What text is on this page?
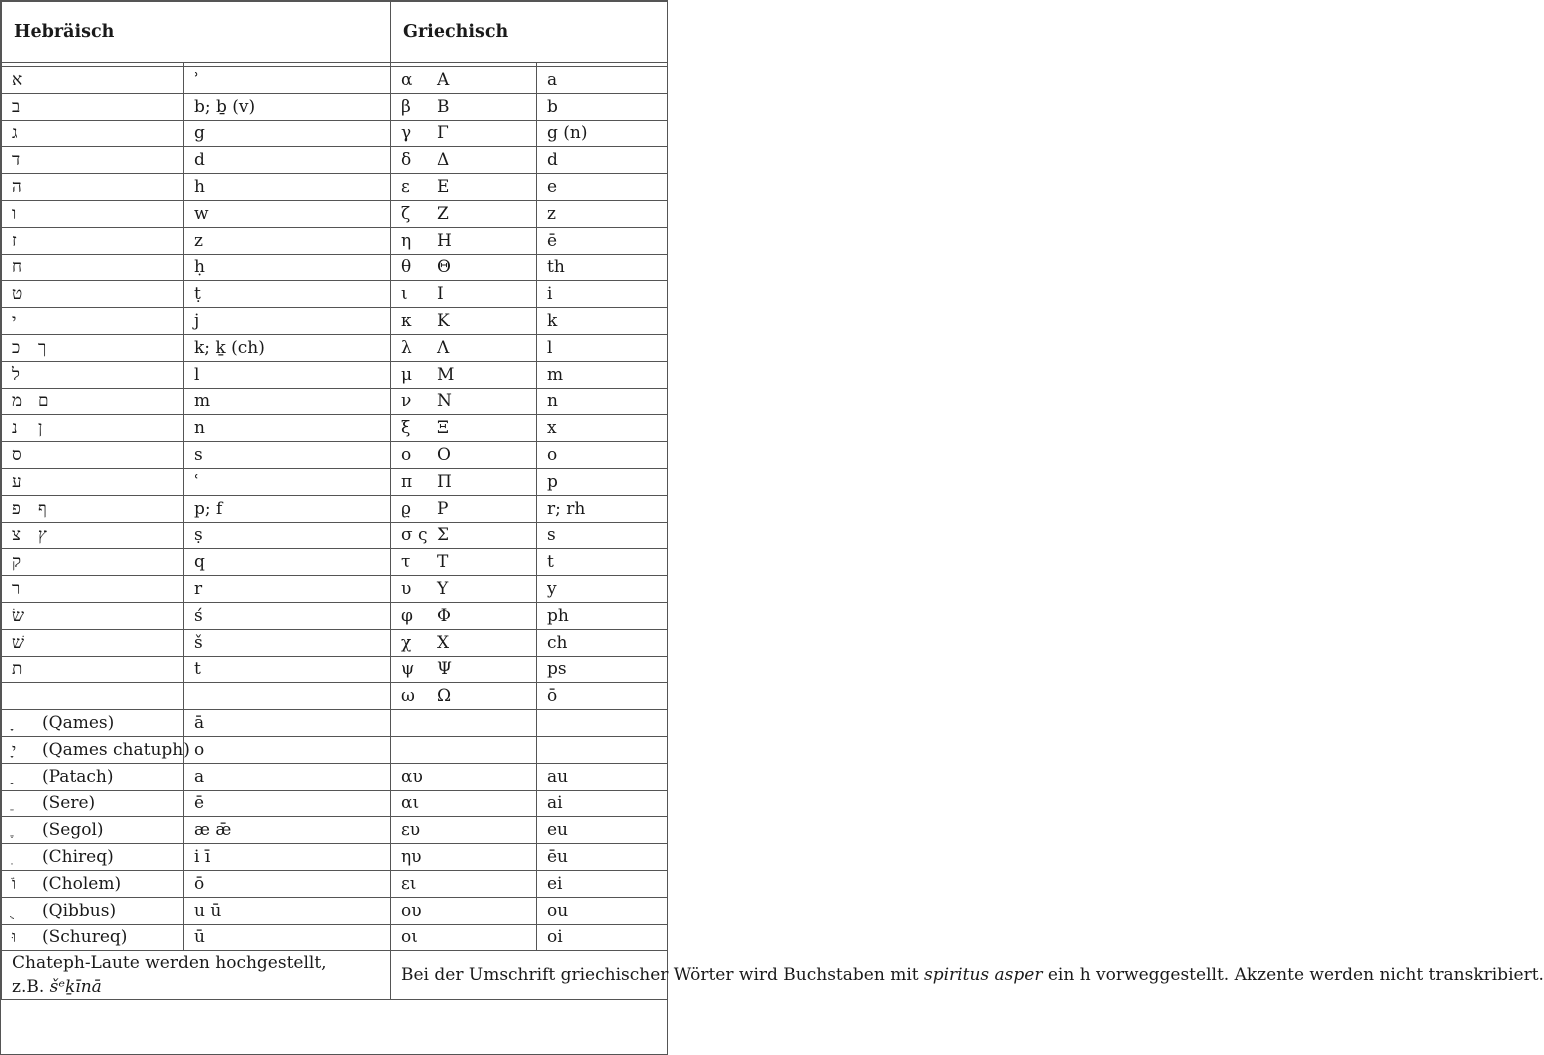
Hebräisch		Griechisch	

א	ʾ	α Α	a
ב	b; ḇ (v)	β Β	b
ג	g	γ Γ	g (n)
ד	d	δ Δ	d
ה	h	ε Ε	e
ו	w	ζ Ζ	z
ז	z	η Η	ē
ח	ḥ	θ Θ	th
ט	ṭ	ι Ι	i
י	j	κ Κ	k
כ ך	k; ḵ (ch)	λ Λ	l
ל	l	μ Μ	m
מ ם	m	ν Ν	n
נ ן	n	ξ Ξ	x
ס	s	ο Ο	o
ע	ʿ	π Π	p
פ ף	p; f	ϱ Ρ	r; rh
צ ץ	ṣ	σ ς Σ	s
ק	q	τ Τ	t
ר	r	υ Υ	y
שׂ	ś	φ Φ	ph
שׁ	š	χ Χ	ch
ת	t	ψ Ψ	ps
		ω Ω	ō
(Qames)	ā		
ָי (Qames chatuph)	o		
(Patach)	a	αυ	au
(Sere)	ē	αι	ai
(Segol)	æ ǣ	ευ	eu
(Chireq)	i ī	ηυ	ēu
ֹוֹ (Cholem)	ō	ει	ei
(Qibbus)	u ū	ου	ou
וּ (Schureq)	ū	οι	oi
Chateph-Laute werden hochgestellt,
z.B. šᵉḵīnā		Bei der Umschrift griechischer Wörter wird Buchstaben mit spiritus asper ein h vorweggestellt. Akzente werden nicht transkribiert.	
